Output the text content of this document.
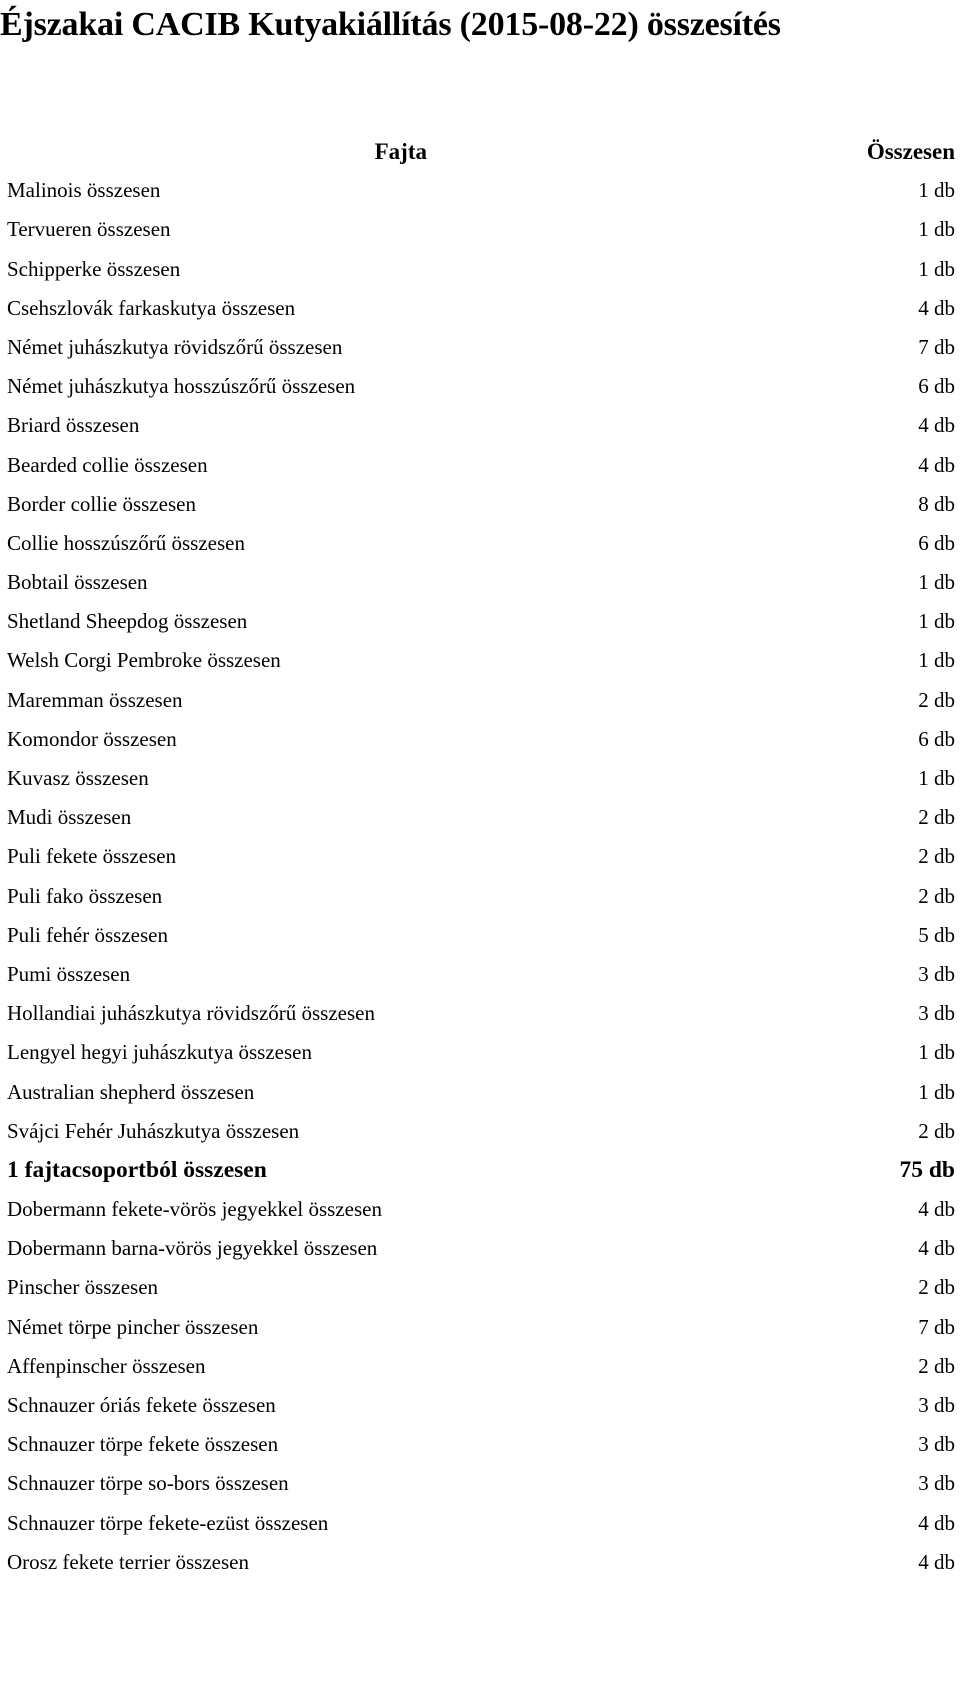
Éjszakai CACIB Kutyakiállítás (2015-08-22) összesítés
Fajta	Összesen
Malinois összesen	1 db
Tervueren összesen	1 db
Schipperke összesen	1 db
Csehszlovák farkaskutya összesen	4 db
Német juhászkutya rövidszőrű összesen	7 db
Német juhászkutya hosszúszőrű összesen	6 db
Briard összesen	4 db
Bearded collie összesen	4 db
Border collie összesen	8 db
Collie hosszúszőrű összesen	6 db
Bobtail összesen	1 db
Shetland Sheepdog összesen	1 db
Welsh Corgi Pembroke összesen	1 db
Maremman összesen	2 db
Komondor összesen	6 db
Kuvasz összesen	1 db
Mudi összesen	2 db
Puli fekete összesen	2 db
Puli fako összesen	2 db
Puli fehér összesen	5 db
Pumi összesen	3 db
Hollandiai juhászkutya rövidszőrű összesen	3 db
Lengyel hegyi juhászkutya összesen	1 db
Australian shepherd összesen	1 db
Svájci Fehér Juhászkutya összesen	2 db
1 fajtacsoportból összesen	75 db
Dobermann fekete-vörös jegyekkel összesen	4 db
Dobermann barna-vörös jegyekkel összesen	4 db
Pinscher összesen	2 db
Német törpe pincher összesen	7 db
Affenpinscher összesen	2 db
Schnauzer óriás fekete összesen	3 db
Schnauzer törpe fekete összesen	3 db
Schnauzer törpe so-bors összesen	3 db
Schnauzer törpe fekete-ezüst összesen	4 db
Orosz fekete terrier összesen	4 db
